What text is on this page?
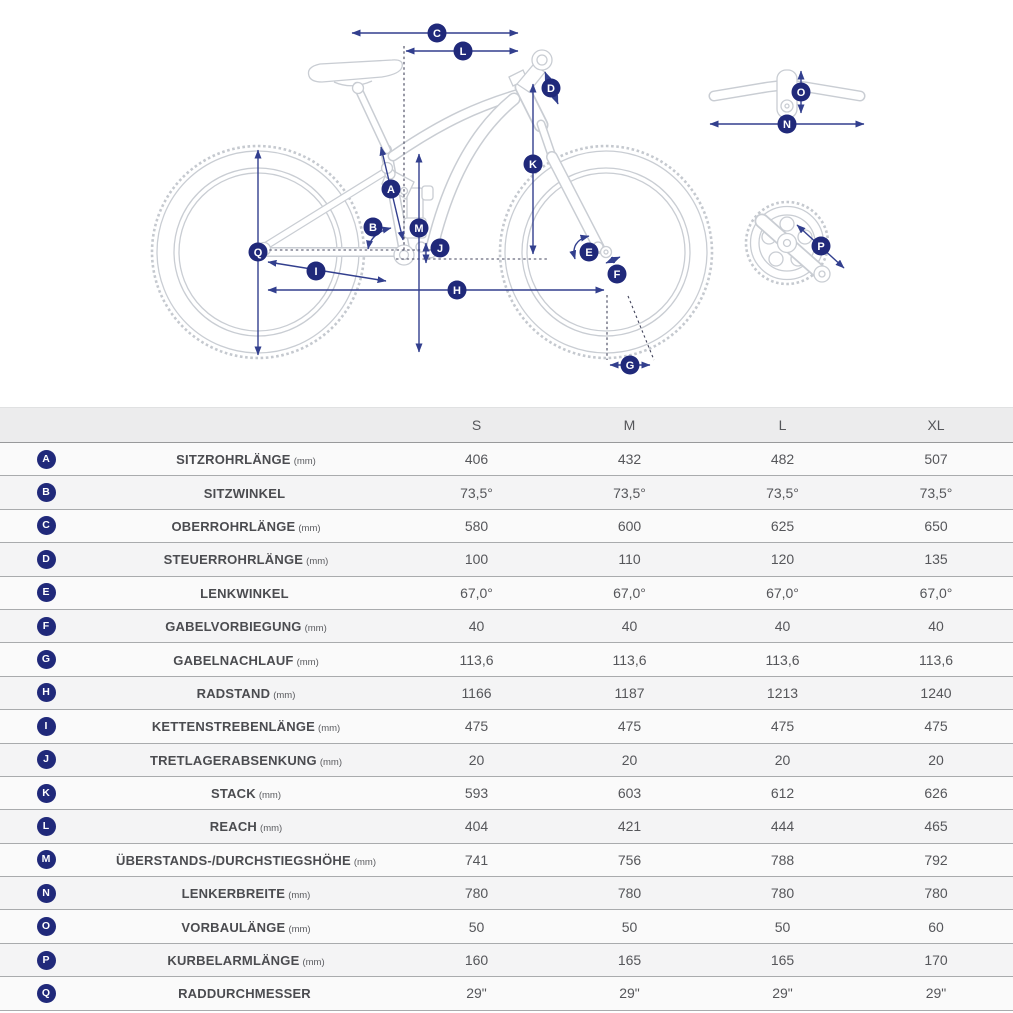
A
B
C
D
E
F
G
H
I
J
K
L
M
N
O
P
Q
		S	M	L	XL
A	SITZROHRLÄNGE (mm)	406	432	482	507
B	SITZWINKEL	73,5°	73,5°	73,5°	73,5°
C	OBERROHRLÄNGE (mm)	580	600	625	650
D	STEUERROHRLÄNGE (mm)	100	110	120	135
E	LENKWINKEL	67,0°	67,0°	67,0°	67,0°
F	GABELVORBIEGUNG (mm)	40	40	40	40
G	GABELNACHLAUF (mm)	113,6	113,6	113,6	113,6
H	RADSTAND (mm)	1166	1187	1213	1240
I	KETTENSTREBENLÄNGE (mm)	475	475	475	475
J	TRETLAGERABSENKUNG (mm)	20	20	20	20
K	STACK (mm)	593	603	612	626
L	REACH (mm)	404	421	444	465
M	ÜBERSTANDS-/DURCHSTIEGSHÖHE (mm)	741	756	788	792
N	LENKERBREITE (mm)	780	780	780	780
O	VORBAULÄNGE (mm)	50	50	50	60
P	KURBELARMLÄNGE (mm)	160	165	165	170
Q	RADDURCHMESSER	29"	29"	29"	29"
